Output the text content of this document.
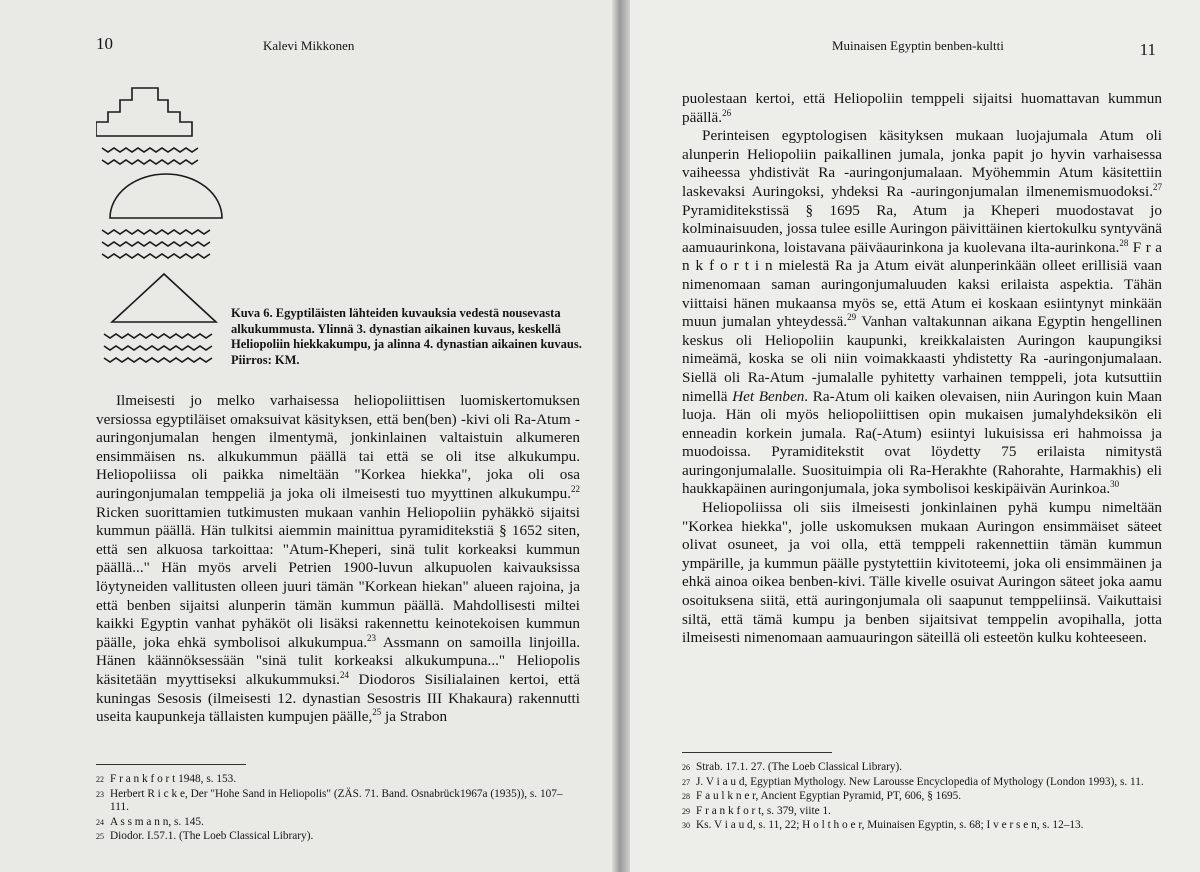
10	Kalevi Mikkonen
Kuva 6. Egyptiläisten lähteiden kuvauksia vedestä nousevasta alkukummusta. Ylinnä 3. dynastian aikainen kuvaus, keskellä Heliopoliin hiekkakumpu, ja alinna 4. dynastian aikainen kuvaus. Piirros: KM.

Ilmeisesti jo melko varhaisessa heliopoliittisen luomiskertomuksen versiossa egyptiläiset omaksuivat käsityksen, että ben(ben) -kivi oli Ra-Atum -auringonjumalan hengen ilmentymä, jonkinlainen valtaistuin alkumeren ensimmäisen ns. alkukummun päällä tai että se oli itse alkukumpu. Heliopoliissa oli paikka nimeltään "Korkea hiekka", joka oli osa auringonjumalan temppeliä ja joka oli ilmeisesti tuo myyttinen alkukumpu.$^{22}$ Ricken suorittamien tutkimusten mukaan vanhin Heliopoliin pyhäkkö sijaitsi kummun päällä. Hän tulkitsi aiemmin mainittua pyramiditekstiä § 1652 siten, että sen alkuosa tarkoittaa: "Atum-Kheperi, sinä tulit korkeaksi kummun päällä..." Hän myös arveli Petrien 1900-luvun alkupuolen kaivauksissa löytyneiden vallitusten olleen juuri tämän "Korkean hiekan" alueen rajoina, ja että benben sijaitsi alunperin tämän kummun päällä. Mahdollisesti miltei kaikki Egyptin vanhat pyhäköt oli lisäksi rakennettu keinotekoisen kummun päälle, joka ehkä symbolisoi alkukumpua.$^{23}$ Assmann on samoilla linjoilla. Hänen käännöksessään "sinä tulit korkeaksi alkukumpuna..." Heliopolis käsitetään myyttiseksi alkukummuksi.$^{24}$ Diodoros Sisilialainen kertoi, että kuningas Sesosis (ilmeisesti 12. dynastian Sesostris III Khakaura) rakennutti useita kaupunkeja tällaisten kumpujen päälle,$^{25}$ ja Strabon

22 F r a n k f o r t 1948, s. 153.
23 Herbert R i c k e, Der "Hohe Sand in Heliopolis" (ZÄS. 71. Band. Osnabrück1967a (1935)), s. 107–111.
24 A s s m a n n, s. 145.
25 Diodor. I.57.1. (The Loeb Classical Library).
Muinaisen Egyptin benben-kultti	11

puolestaan kertoi, että Heliopoliin temppeli sijaitsi huomattavan kummun päällä.$^{26}$

Perinteisen egyptologisen käsityksen mukaan luojajumala Atum oli alunperin Heliopoliin paikallinen jumala, jonka papit jo hyvin varhaisessa vaiheessa yhdistivät Ra -auringonjumalaan. Myöhemmin Atum käsitettiin laskevaksi Auringoksi, yhdeksi Ra -auringonjumalan ilmenemismuodoksi.$^{27}$ Pyramiditekstissä § 1695 Ra, Atum ja Kheperi muodostavat jo kolminaisuuden, jossa tulee esille Auringon päivittäinen kiertokulku syntyvänä aamuaurinkona, loistavana päiväaurinkona ja kuolevana ilta-aurinkona.$^{28}$ F r a n k f o r t i n mielestä Ra ja Atum eivät alunperinkään olleet erillisiä vaan nimenomaan saman auringonjumaluuden kaksi erilaista aspektia. Tähän viittaisi hänen mukaansa myös se, että Atum ei koskaan esiintynyt minkään muun jumalan yhteydessä.$^{29}$ Vanhan valtakunnan aikana Egyptin hengellinen keskus oli Heliopoliin kaupunki, kreikkalaisten Auringon kaupungiksi nimeämä, koska se oli niin voimakkaasti yhdistetty Ra -auringonjumalaan. Siellä oli Ra-Atum -jumalalle pyhitetty varhainen temppeli, jota kutsuttiin nimellä Het Benben. Ra-Atum oli kaiken olevaisen, niin Auringon kuin Maan luoja. Hän oli myös heliopoliittisen opin mukaisen jumalyhdeksikön eli enneadin korkein jumala. Ra(-Atum) esiintyi lukuisissa eri hahmoissa ja muodoissa. Pyramiditekstit ovat löydetty 75 erilaista nimitystä auringonjumalalle. Suosituimpia oli Ra-Herakhte (Rahorahte, Harmakhis) eli haukkapäinen auringonjumala, joka symbolisoi keskipäivän Aurinkoa.$^{30}$

Heliopoliissa oli siis ilmeisesti jonkinlainen pyhä kumpu nimeltään "Korkea hiekka", jolle uskomuksen mukaan Auringon ensimmäiset säteet olivat osuneet, ja voi olla, että temppeli rakennettiin tämän kummun ympärille, ja kummun päälle pystytettiin kivitoteemi, joka oli ensimmäinen ja ehkä ainoa oikea benben-kivi. Tälle kivelle osuivat Auringon säteet joka aamu osoituksena siitä, että auringonjumala oli saapunut temppeliinsä. Vaikuttaisi siltä, että tämä kumpu ja benben sijaitsivat temppelin avopihalla, jotta ilmeisesti nimenomaan aamuauringon säteillä oli esteetön kulku kohteeseen.

26 Strab. 17.1. 27. (The Loeb Classical Library).
27 J. V i a u d, Egyptian Mythology. New Larousse Encyclopedia of Mythology (London 1993), s. 11.
28 F a u l k n e r, Ancient Egyptian Pyramid, PT, 606, § 1695.
29 F r a n k f o r t, s. 379, viite 1.
30 Ks. V i a u d, s. 11, 22; H o l t h o e r, Muinaisen Egyptin, s. 68; I v e r s e n, s. 12–13.
